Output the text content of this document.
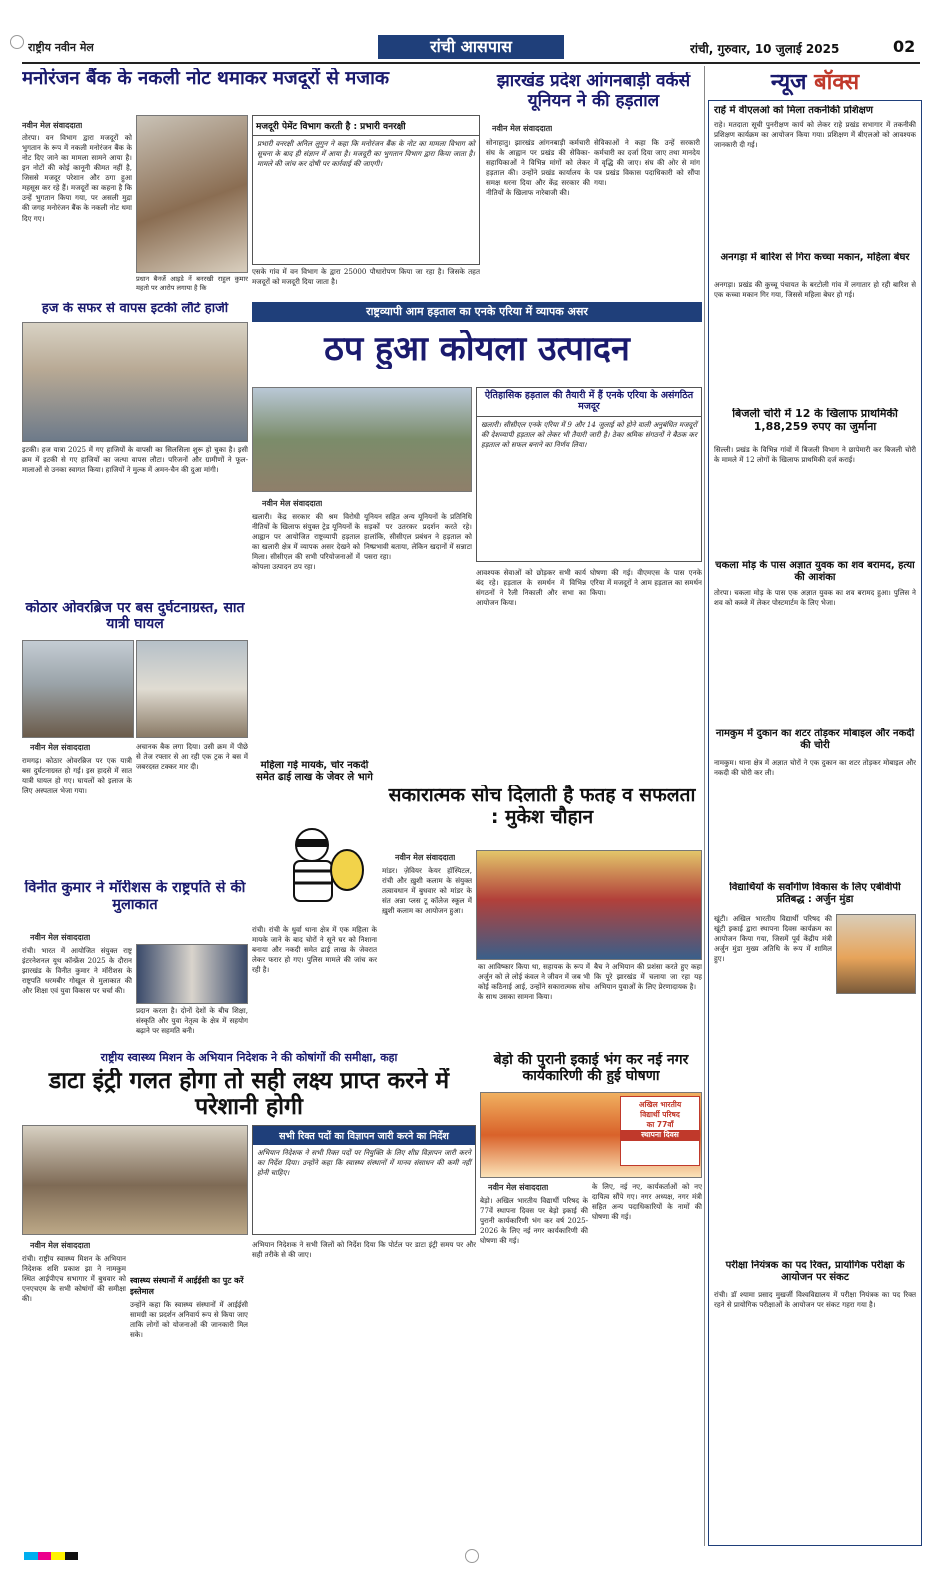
राष्ट्रीय नवीन मेल	रांची आसपास	रांची, गुरुवार, 10 जुलाई 2025	02
मनोरंजन बैंक के नकली नोट थमाकर मजदूरों से मजाक
नवीन मेल संवाददाता
तोरपा। वन विभाग द्वारा मजदूरों को भुगतान के रूप में नकली मनोरंजन बैंक के नोट दिए जाने का मामला सामने आया है। इन नोटों की कोई कानूनी कीमत नहीं है, जिससे मजदूर परेशान और ठगा हुआ महसूस कर रहे हैं। मजदूरों का कहना है कि उन्हें भुगतान किया गया, पर असली मुद्रा की जगह मनोरंजन बैंक के नकली नोट थमा दिए गए।
प्रधान बैनर्जे आइडे नें बनरखी राहुल कुमार महतो पर आरोप लगाया है कि
मजदूरी पेमेंट विभाग करती है : प्रभारी वनरक्षी
प्रभारी वनरक्षी अनिल लुगुन ने कहा कि मनोरंजन बैंक के नोट का मामला विभाग को सूचना के बाद ही संज्ञान में आया है। मजदूरी का भुगतान विभाग द्वारा किया जाता है। मामले की जांच कर दोषी पर कार्रवाई की जाएगी।
एसके गांव में वन विभाग के द्वारा 25000 पौधारोपण किया जा रहा है। जिसके तहत मजदूरों को मजदूरी दिया जाता है।
झारखंड प्रदेश आंगनबाड़ी वर्कर्स यूनियन ने की हड़ताल
नवीन मेल संवाददाता
सोनाहातु। झारखंड आंगनबाड़ी कर्मचारी संघ के आह्वान पर प्रखंड की सेविका-सहायिकाओं ने विभिन्न मांगों को लेकर हड़ताल की। उन्होंने प्रखंड कार्यालय के समक्ष धरना दिया और केंद्र सरकार की नीतियों के खिलाफ नारेबाजी की।
सेविकाओं ने कहा कि उन्हें सरकारी कर्मचारी का दर्जा दिया जाए तथा मानदेय में वृद्धि की जाए। संघ की ओर से मांग पत्र प्रखंड विकास पदाधिकारी को सौंपा गया।
राष्ट्रव्यापी आम हड़ताल का एनके एरिया में व्यापक असर
ठप हुआ कोयला उत्पादन
ऐतिहासिक हड़ताल की तैयारी में हैं एनके एरिया के असंगठित मजदूर
खलारी। सीसीएल एनके एरिया में 9 और 14 जुलाई को होने वाली अनुबंधित मजदूरों की देशव्यापी हड़ताल को लेकर भी तैयारी जारी है। ठेका श्रमिक संगठनों ने बैठक कर हड़ताल को सफल बनाने का निर्णय लिया।
नवीन मेल संवाददाता
खलारी। केंद्र सरकार की श्रम विरोधी नीतियों के खिलाफ संयुक्त ट्रेड यूनियनों के आह्वान पर आयोजित राष्ट्रव्यापी हड़ताल का खलारी क्षेत्र में व्यापक असर देखने को मिला। सीसीएल की सभी परियोजनाओं में कोयला उत्पादन ठप रहा।
यूनियन सहित अन्य यूनियनों के प्रतिनिधि सड़कों पर उतरकर प्रदर्शन करते रहे। हालांकि, सीसीएल प्रबंधन ने हड़ताल को निष्प्रभावी बताया, लेकिन खदानों में सन्नाटा पसरा रहा।
आवश्यक सेवाओं को छोड़कर सभी कार्य बंद रहे। हड़ताल के समर्थन में विभिन्न संगठनों ने रैली निकाली और सभा का आयोजन किया।
घोषणा की गई। वीएमएस के पास एनके एरिया में मजदूरों ने आम हड़ताल का समर्थन किया।
हज के सफर से वापस इटकी लौटे हाजी
इटकी। हज यात्रा 2025 में गए हाजियों के वापसी का सिलसिला शुरू हो चुका है। इसी क्रम में इटकी से गए हाजियों का जत्था वापस लौटा। परिजनों और ग्रामीणों ने फूल-मालाओं से उनका स्वागत किया। हाजियों ने मुल्क में अमन-चैन की दुआ मांगी।
कोठार ओवरब्रिज पर बस दुर्घटनाग्रस्त, सात यात्री घायल
नवीन मेल संवाददाता
रामगढ़। कोठार ओवरब्रिज पर एक यात्री बस दुर्घटनाग्रस्त हो गई। इस हादसे में सात यात्री घायल हो गए। घायलों को इलाज के लिए अस्पताल भेजा गया।
अचानक बैक लगा दिया। उसी क्रम में पीछे से तेज रफ्तार से आ रही एक ट्रक ने बस में जबरदस्त टक्कर मार दी।	महिला गई मायके, चोर नकदी समेत ढाई लाख के जेवर ले भागे
रांची। रांची के धुर्वा थाना क्षेत्र में एक महिला के मायके जाने के बाद चोरों ने सूने घर को निशाना बनाया और नकदी समेत ढाई लाख के जेवरात लेकर फरार हो गए। पुलिस मामले की जांच कर रही है।
सकारात्मक सोच दिलाती है फतह व सफलता : मुकेश चौहान
नवीन मेल संवाददाता
मांडर। ज़ेवियर केयर हॉस्पिटल, रांची और ख़ुशी कलाम के संयुक्त तत्वावधान में बुधवार को मांडर के संत अन्ना प्लस टू कॉलेज स्कूल में ख़ुशी कलाम का आयोजन हुआ।
का आविष्कार किया था, सहायक के रूप में अर्जुन को ले लोई कंवल ने जीवन में जब भी कोई कठिनाई आई, उन्होंने सकारात्मक सोच के साथ उसका सामना किया।
बैच ने अभियान की प्रशंसा करते हुए कहा कि पूरे झारखंड में चलाया जा रहा यह अभियान युवाओं के लिए प्रेरणादायक है।
विनीत कुमार ने मॉरीशस के राष्ट्रपति से की मुलाकात
नवीन मेल संवाददाता
रांची। भारत में आयोजित संयुक्त राष्ट्र इंटरनेशनल यूथ कॉन्फ्रेंस 2025 के दौरान झारखंड के विनीत कुमार ने मॉरीशस के राष्ट्रपति धरमबीर गोखूल से मुलाकात की और शिक्षा एवं युवा विकास पर चर्चा की।
प्रदान करता है। दोनों देशों के बीच शिक्षा, संस्कृति और युवा नेतृत्व के क्षेत्र में सहयोग बढ़ाने पर सहमति बनी।
राष्ट्रीय स्वास्थ्य मिशन के अभियान निदेशक ने की कोषांगों की समीक्षा, कहा
डाटा इंट्री गलत होगा तो सही लक्ष्य प्राप्त करने में परेशानी होगी
सभी रिक्त पदों का विज्ञापन जारी करने का निर्देश
अभियान निदेशक ने सभी रिक्त पदों पर नियुक्ति के लिए शीघ्र विज्ञापन जारी करने का निर्देश दिया। उन्होंने कहा कि स्वास्थ्य संस्थानों में मानव संसाधन की कमी नहीं होनी चाहिए।
नवीन मेल संवाददाता
रांची। राष्ट्रीय स्वास्थ्य मिशन के अभियान निदेशक शशि प्रकाश झा ने नामकुम स्थित आईपीएच सभागार में बुधवार को एनएचएम के सभी कोषांगों की समीक्षा की।
स्वास्थ्य संस्थानों में आईईसी का पुट करें इस्तेमाल
उन्होंने कहा कि स्वास्थ्य संस्थानों में आईईसी सामग्री का प्रदर्शन अनिवार्य रूप से किया जाए ताकि लोगों को योजनाओं की जानकारी मिल सके।
अभियान निदेशक ने सभी जिलों को निर्देश दिया कि पोर्टल पर डाटा इंट्री समय पर और सही तरीके से की जाए।
बेड़ो की पुरानी इकाई भंग कर नई नगर कार्यकारिणी की हुई घोषणा
अखिल भारतीय
विद्यार्थी परिषद
का 77वाँ
स्थापना दिवस
नवीन मेल संवाददाता
बेड़ो। अखिल भारतीय विद्यार्थी परिषद के 77वें स्थापना दिवस पर बेड़ो इकाई की पुरानी कार्यकारिणी भंग कर वर्ष 2025-2026 के लिए नई नगर कार्यकारिणी की घोषणा की गई।
के लिए, नई नए, कार्यकर्ताओं को नए दायित्व सौंपे गए। नगर अध्यक्ष, नगर मंत्री सहित अन्य पदाधिकारियों के नामों की घोषणा की गई।
न्यूज बॉक्स
राहें में वीएलओ को मिला तकनीकी प्रशिक्षण
राहे। मतदाता सूची पुनरीक्षण कार्य को लेकर राहे प्रखंड सभागार में तकनीकी प्रशिक्षण कार्यक्रम का आयोजन किया गया। प्रशिक्षण में बीएलओ को आवश्यक जानकारी दी गई।
अनगड़ा में बारिश से गिरा कच्चा मकान, महिला बेघर
अनगड़ा। प्रखंड की कुच्चू पंचायत के बरटोली गांव में लगातार हो रही बारिश से एक कच्चा मकान गिर गया, जिससे महिला बेघर हो गई।
बिजली चोरी में 12 के खिलाफ प्राथमिकी 1,88,259 रुपए का जुर्माना
सिल्ली। प्रखंड के विभिन्न गांवों में बिजली विभाग ने छापेमारी कर बिजली चोरी के मामले में 12 लोगों के खिलाफ प्राथमिकी दर्ज कराई।
चकला मोड़ के पास अज्ञात युवक का शव बरामद, हत्या की आशंका
तोरपा। चकला मोड़ के पास एक अज्ञात युवक का शव बरामद हुआ। पुलिस ने शव को कब्जे में लेकर पोस्टमार्टम के लिए भेजा।
नामकुम में दुकान का शटर तोड़कर मोबाइल और नकदी की चोरी
नामकुम। थाना क्षेत्र में अज्ञात चोरों ने एक दुकान का शटर तोड़कर मोबाइल और नकदी की चोरी कर ली।
विद्यार्थियों के सर्वांगीण विकास के लिए एबीवीपी प्रतिबद्ध : अर्जुन मुंडा
खूंटी। अखिल भारतीय विद्यार्थी परिषद की खूंटी इकाई द्वारा स्थापना दिवस कार्यक्रम का आयोजन किया गया, जिसमें पूर्व केंद्रीय मंत्री अर्जुन मुंडा मुख्य अतिथि के रूप में शामिल हुए।
परीक्षा नियंत्रक का पद रिक्त, प्रायोगिक परीक्षा के आयोजन पर संकट
रांची। डॉ श्यामा प्रसाद मुखर्जी विश्वविद्यालय में परीक्षा नियंत्रक का पद रिक्त रहने से प्रायोगिक परीक्षाओं के आयोजन पर संकट गहरा गया है।
